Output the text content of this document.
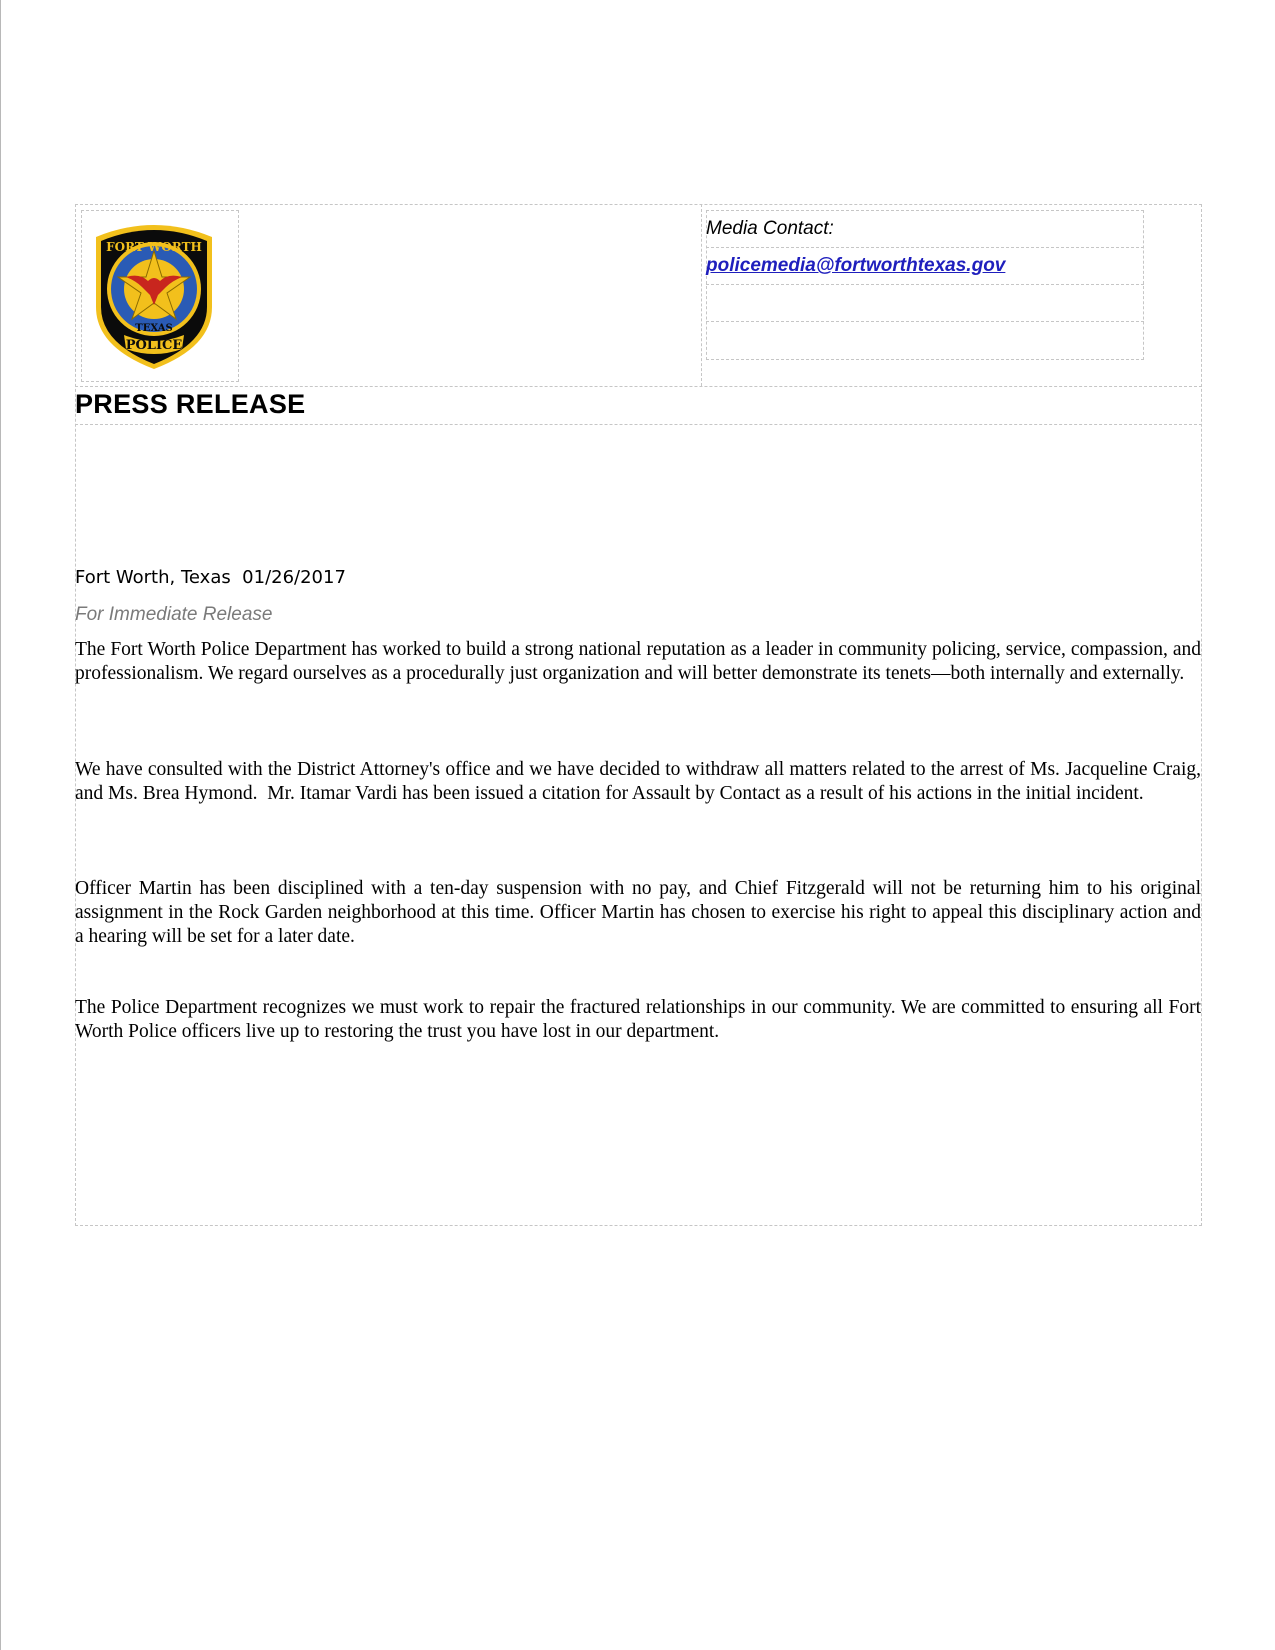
FORT WORTH
TEXAS
POLICE
Media Contact:
policemedia@fortworthtexas.gov
PRESS RELEASE
Fort Worth, Texas  01/26/2017
For Immediate Release
The Fort Worth Police Department has worked to build a strong national reputation as a leader in community policing, service, compassion, and professionalism. We regard ourselves as a procedurally just organization and will better demonstrate its tenets—both internally and externally.
We have consulted with the District Attorney's office and we have decided to withdraw all matters related to the arrest of Ms. Jacqueline Craig, and Ms. Brea Hymond.  Mr. Itamar Vardi has been issued a citation for Assault by Contact as a result of his actions in the initial incident.
Officer Martin has been disciplined with a ten-day suspension with no pay, and Chief Fitzgerald will not be returning him to his original assignment in the Rock Garden neighborhood at this time. Officer Martin has chosen to exercise his right to appeal this disciplinary action and a hearing will be set for a later date.
The Police Department recognizes we must work to repair the fractured relationships in our community. We are committed to ensuring all Fort Worth Police officers live up to restoring the trust you have lost in our department.
